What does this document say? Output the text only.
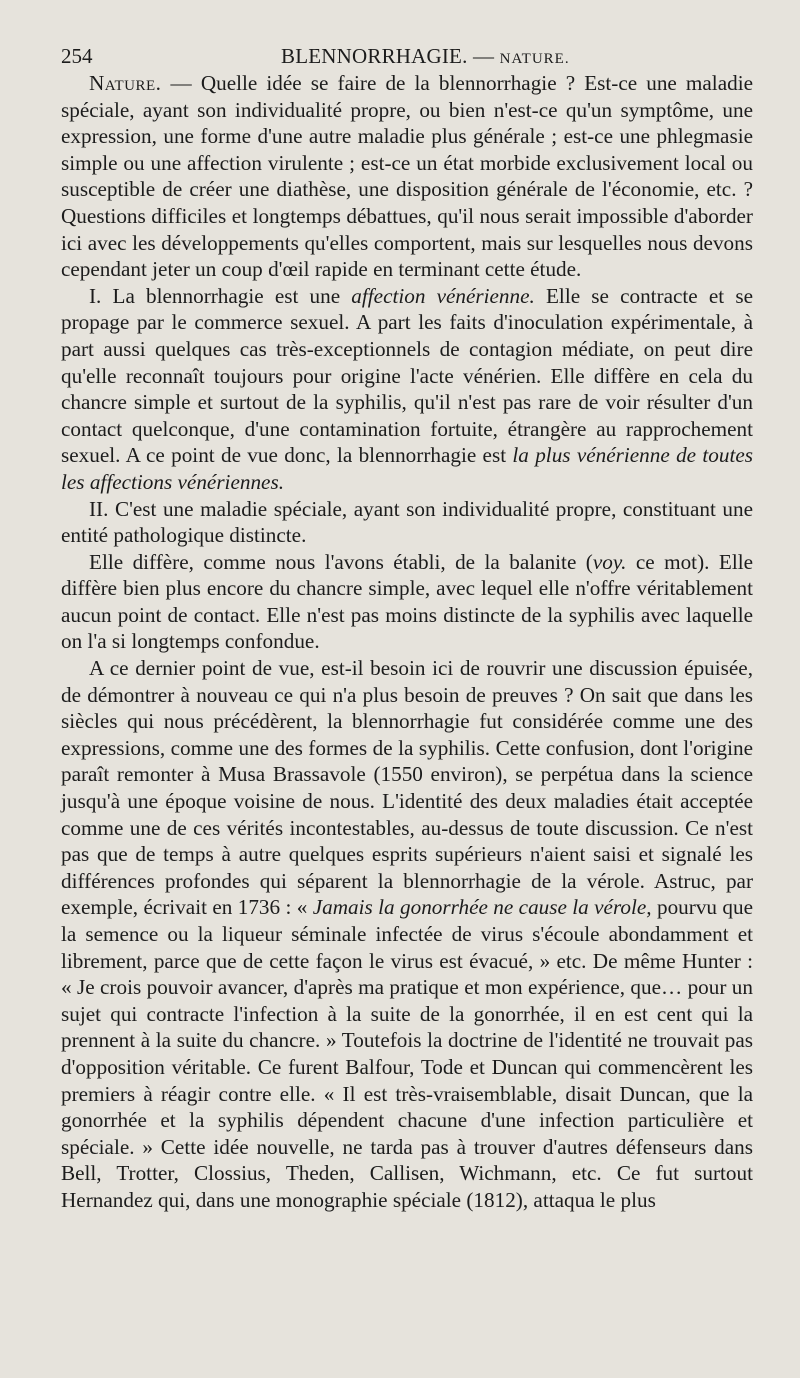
254	BLENNORRHAGIE. — NATURE.

Nature. — Quelle idée se faire de la blennorrhagie ? Est-ce une maladie spéciale, ayant son individualité propre, ou bien n'est-ce qu'un symptôme, une expression, une forme d'une autre maladie plus générale ; est-ce une phlegmasie simple ou une affection virulente ; est-ce un état morbide exclusivement local ou susceptible de créer une diathèse, une disposition générale de l'économie, etc. ? Questions difficiles et longtemps débattues, qu'il nous serait impossible d'aborder ici avec les développements qu'elles comportent, mais sur lesquelles nous devons cependant jeter un coup d'œil rapide en terminant cette étude.

I. La blennorrhagie est une affection vénérienne. Elle se contracte et se propage par le commerce sexuel. A part les faits d'inoculation expérimentale, à part aussi quelques cas très-exceptionnels de contagion médiate, on peut dire qu'elle reconnaît toujours pour origine l'acte vénérien. Elle diffère en cela du chancre simple et surtout de la syphilis, qu'il n'est pas rare de voir résulter d'un contact quelconque, d'une contamination fortuite, étrangère au rapprochement sexuel. A ce point de vue donc, la blennorrhagie est la plus vénérienne de toutes les affections vénériennes.

II. C'est une maladie spéciale, ayant son individualité propre, constituant une entité pathologique distincte.

Elle diffère, comme nous l'avons établi, de la balanite (voy. ce mot). Elle diffère bien plus encore du chancre simple, avec lequel elle n'offre véritablement aucun point de contact. Elle n'est pas moins distincte de la syphilis avec laquelle on l'a si longtemps confondue.

A ce dernier point de vue, est-il besoin ici de rouvrir une discussion épuisée, de démontrer à nouveau ce qui n'a plus besoin de preuves ? On sait que dans les siècles qui nous précédèrent, la blennorrhagie fut considérée comme une des expressions, comme une des formes de la syphilis. Cette confusion, dont l'origine paraît remonter à Musa Brassavole (1550 environ), se perpétua dans la science jusqu'à une époque voisine de nous. L'identité des deux maladies était acceptée comme une de ces vérités incontestables, au-dessus de toute discussion. Ce n'est pas que de temps à autre quelques esprits supérieurs n'aient saisi et signalé les différences profondes qui séparent la blennorrhagie de la vérole. Astruc, par exemple, écrivait en 1736 : « Jamais la gonorrhée ne cause la vérole, pourvu que la semence ou la liqueur séminale infectée de virus s'écoule abondamment et librement, parce que de cette façon le virus est évacué, » etc. De même Hunter : « Je crois pouvoir avancer, d'après ma pratique et mon expérience, que… pour un sujet qui contracte l'infection à la suite de la gonorrhée, il en est cent qui la prennent à la suite du chancre. » Toutefois la doctrine de l'identité ne trouvait pas d'opposition véritable. Ce furent Balfour, Tode et Duncan qui commencèrent les premiers à réagir contre elle. « Il est très-vraisemblable, disait Duncan, que la gonorrhée et la syphilis dépendent chacune d'une infection particulière et spéciale. » Cette idée nouvelle, ne tarda pas à trouver d'autres défenseurs dans Bell, Trotter, Clossius, Theden, Callisen, Wichmann, etc. Ce fut surtout Hernandez qui, dans une monographie spéciale (1812), attaqua le plus
